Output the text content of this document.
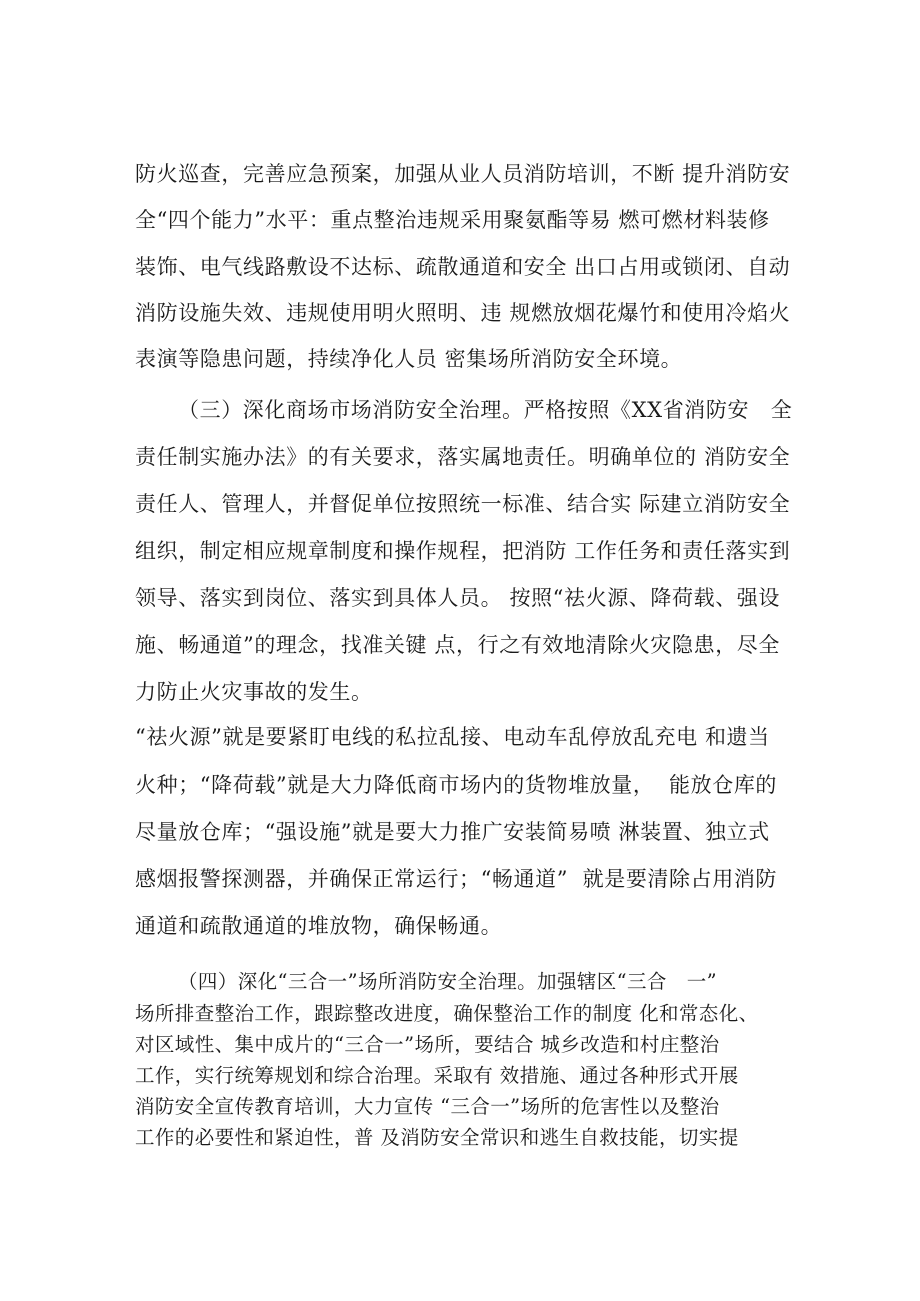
防火巡查，完善应急预案，加强从业人员消防培训，不断 提升消防安
全“四个能力”水平：重点整治违规采用聚氨酯等易 燃可燃材料装修
装饰、电气线路敷设不达标、疏散通道和安全 出口占用或锁闭、自动
消防设施失效、违规使用明火照明、违 规燃放烟花爆竹和使用冷焰火
表演等隐患问题，持续净化人员 密集场所消防安全环境。
（三）深化商场市场消防安全治理。严格按照《XX省消防安　全
责任制实施办法》的有关要求，落实属地责任。明确单位的 消防安全
责任人、管理人，并督促单位按照统一标准、结合实 际建立消防安全
组织，制定相应规章制度和操作规程，把消防 工作任务和责任落实到
领导、落实到岗位、落实到具体人员。 按照“祛火源、降荷载、强设
施、畅通道”的理念，找准关键 点，行之有效地清除火灾隐患，尽全
力防止火灾事故的发生。
“祛火源”就是要紧盯电线的私拉乱接、电动车乱停放乱充电 和遗当
火种；“降荷载”就是大力降低商市场内的货物堆放量，  能放仓库的
尽量放仓库；“强设施”就是要大力推广安装简易喷 淋装置、独立式
感烟报警探测器，并确保正常运行；“畅通道”  就是要清除占用消防
通道和疏散通道的堆放物，确保畅通。
（四）深化“三合一”场所消防安全治理。加强辖区“三合　一”
场所排查整治工作，跟踪整改进度，确保整治工作的制度 化和常态化、
对区域性、集中成片的“三合一”场所，要结合 城乡改造和村庄整治
工作，实行统筹规划和综合治理。采取有 效措施、通过各种形式开展
消防安全宣传教育培训，大力宣传 “三合一”场所的危害性以及整治
工作的必要性和紧迫性，普 及消防安全常识和逃生自救技能，切实提
